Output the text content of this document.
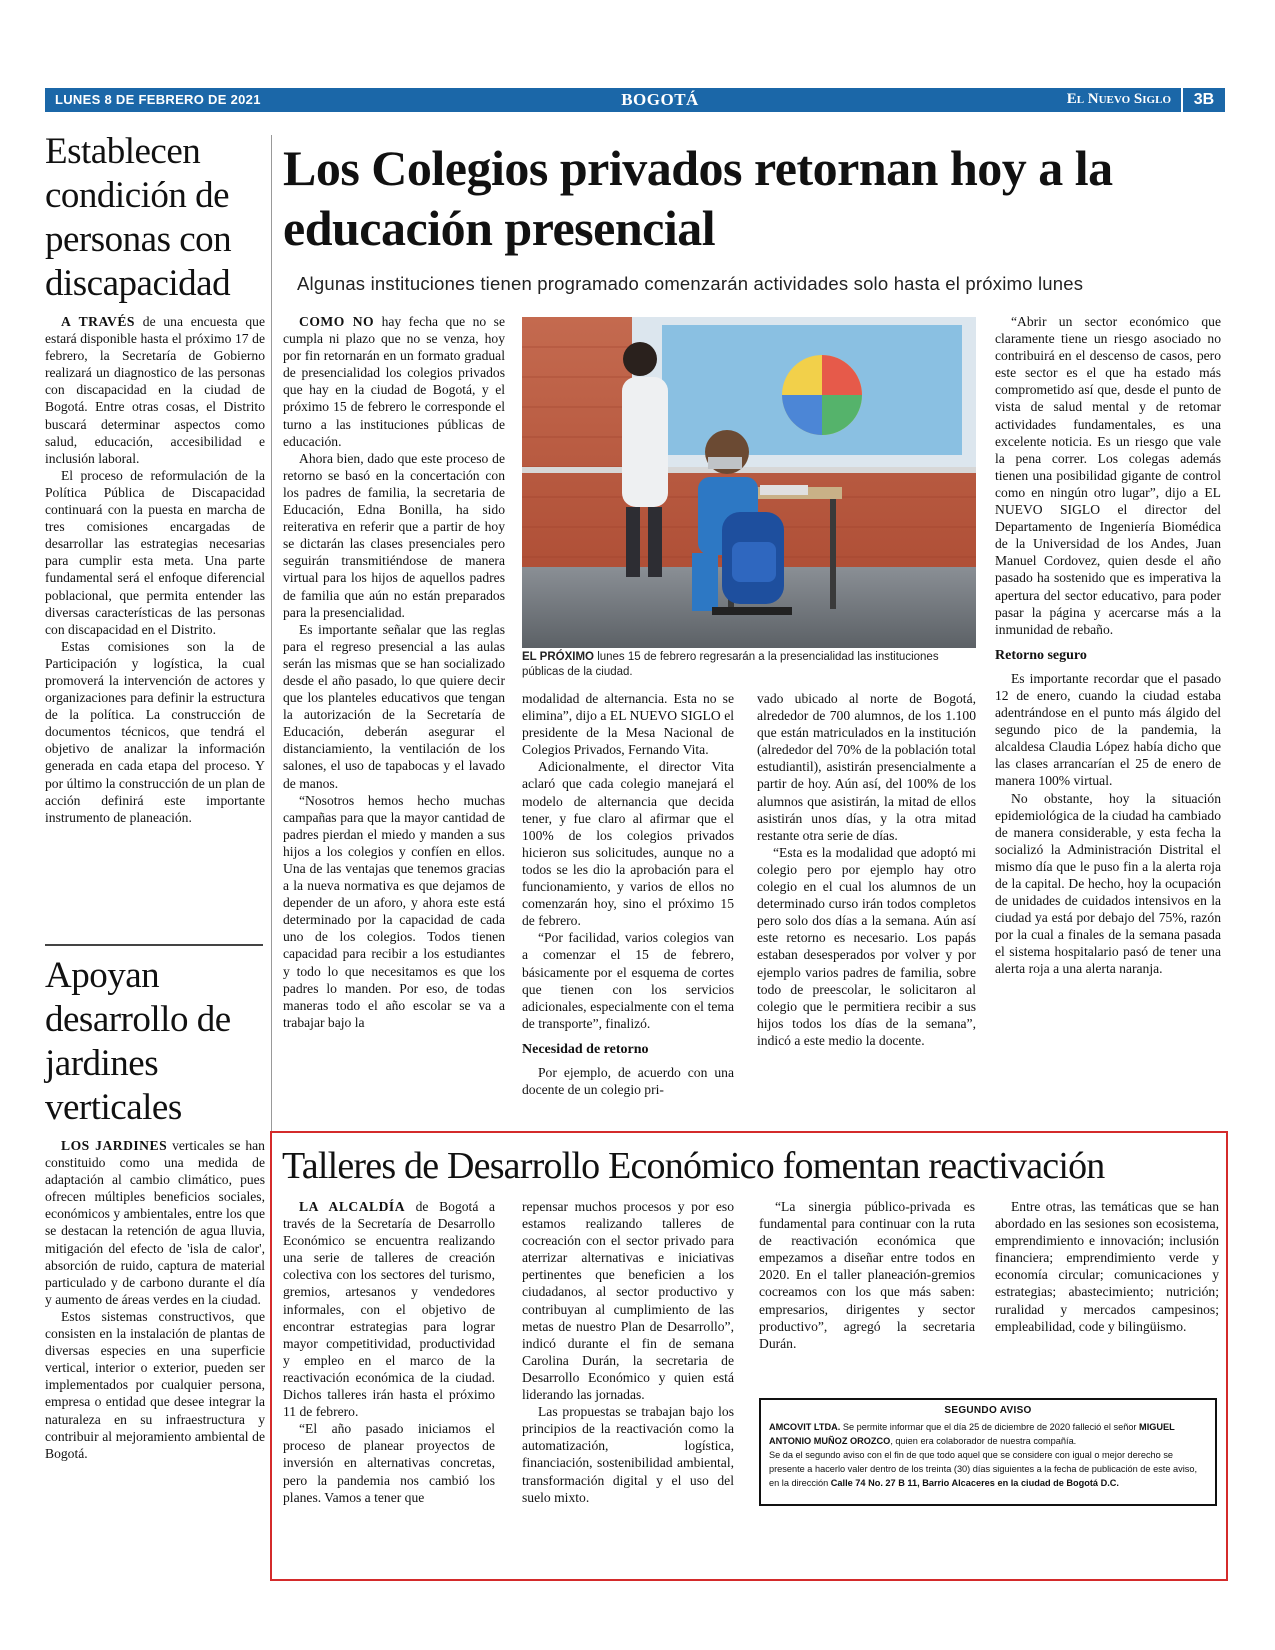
LUNES 8 DE FEBRERO DE 2021	BOGOTÁ	El Nuevo Siglo	3B
Establecen condición de personas con discapacidad

A TRAVÉS de una encuesta que estará disponible hasta el próximo 17 de febrero, la Secretaría de Gobierno realizará un diagnostico de las personas con discapacidad en la ciudad de Bogotá. Entre otras cosas, el Distrito buscará determinar aspectos como salud, educación, accesibilidad e inclusión laboral.

El proceso de reformulación de la Política Pública de Discapacidad continuará con la puesta en marcha de tres comisiones encargadas de desarrollar las estrategias necesarias para cumplir esta meta. Una parte fundamental será el enfoque diferencial poblacional, que permita entender las diversas características de las personas con discapacidad en el Distrito.

Estas comisiones son la de Participación y logística, la cual promoverá la intervención de actores y organizaciones para definir la estructura de la política. La construcción de documentos técnicos, que tendrá el objetivo de analizar la información generada en cada etapa del proceso. Y por último la construcción de un plan de acción definirá este importante instrumento de planeación.

Apoyan desarrollo de jardines verticales

LOS JARDINES verticales se han constituido como una medida de adaptación al cambio climático, pues ofrecen múltiples beneficios sociales, económicos y ambientales, entre los que se destacan la retención de agua lluvia, mitigación del efecto de 'isla de calor', absorción de ruido, captura de material particulado y de carbono durante el día y aumento de áreas verdes en la ciudad.

Estos sistemas constructivos, que consisten en la instalación de plantas de diversas especies en una superficie vertical, interior o exterior, pueden ser implementados por cualquier persona, empresa o entidad que desee integrar la naturaleza en su infraestructura y contribuir al mejoramiento ambiental de Bogotá.

Los Colegios privados retornan hoy a la educación presencial
Algunas instituciones tienen programado comenzarán actividades solo hasta el próximo lunes

COMO NO hay fecha que no se cumpla ni plazo que no se venza, hoy por fin retornarán en un formato gradual de presencialidad los colegios privados que hay en la ciudad de Bogotá, y el próximo 15 de febrero le corresponde el turno a las instituciones públicas de educación.

Ahora bien, dado que este proceso de retorno se basó en la concertación con los padres de familia, la secretaria de Educación, Edna Bonilla, ha sido reiterativa en referir que a partir de hoy se dictarán las clases presenciales pero seguirán transmitiéndose de manera virtual para los hijos de aquellos padres de familia que aún no están preparados para la presencialidad.

Es importante señalar que las reglas para el regreso presencial a las aulas serán las mismas que se han socializado desde el año pasado, lo que quiere decir que los planteles educativos que tengan la autorización de la Secretaría de Educación, deberán asegurar el distanciamiento, la ventilación de los salones, el uso de tapabocas y el lavado de manos.

“Nosotros hemos hecho muchas campañas para que la mayor cantidad de padres pierdan el miedo y manden a sus hijos a los colegios y confíen en ellos. Una de las ventajas que tenemos gracias a la nueva normativa es que dejamos de depender de un aforo, y ahora este está determinado por la capacidad de cada uno de los colegios. Todos tienen capacidad para recibir a los estudiantes y todo lo que necesitamos es que los padres lo manden. Por eso, de todas maneras todo el año escolar se va a trabajar bajo la

EL PRÓXIMO lunes 15 de febrero regresarán a la presencialidad las instituciones públicas de la ciudad.

modalidad de alternancia. Esta no se elimina”, dijo a EL NUEVO SIGLO el presidente de la Mesa Nacional de Colegios Privados, Fernando Vita.

Adicionalmente, el director Vita aclaró que cada colegio manejará el modelo de alternancia que decida tener, y fue claro al afirmar que el 100% de los colegios privados hicieron sus solicitudes, aunque no a todos se les dio la aprobación para el funcionamiento, y varios de ellos no comenzarán hoy, sino el próximo 15 de febrero.

“Por facilidad, varios colegios van a comenzar el 15 de febrero, básicamente por el esquema de cortes que tienen con los servicios adicionales, especialmente con el tema de transporte”, finalizó.

Necesidad de retorno

Por ejemplo, de acuerdo con una docente de un colegio pri-

vado ubicado al norte de Bogotá, alrededor de 700 alumnos, de los 1.100 que están matriculados en la institución (alrededor del 70% de la población total estudiantil), asistirán presencialmente a partir de hoy. Aún así, del 100% de los alumnos que asistirán, la mitad de ellos asistirán unos días, y la otra mitad restante otra serie de días.

“Esta es la modalidad que adoptó mi colegio pero por ejemplo hay otro colegio en el cual los alumnos de un determinado curso irán todos completos pero solo dos días a la semana. Aún así este retorno es necesario. Los papás estaban desesperados por volver y por ejemplo varios padres de familia, sobre todo de preescolar, le solicitaron al colegio que le permitiera recibir a sus hijos todos los días de la semana”, indicó a este medio la docente.

“Abrir un sector económico que claramente tiene un riesgo asociado no contribuirá en el descenso de casos, pero este sector es el que ha estado más comprometido así que, desde el punto de vista de salud mental y de retomar actividades fundamentales, es una excelente noticia. Es un riesgo que vale la pena correr. Los colegas además tienen una posibilidad gigante de control como en ningún otro lugar”, dijo a EL NUEVO SIGLO el director del Departamento de Ingeniería Biomédica de la Universidad de los Andes, Juan Manuel Cordovez, quien desde el año pasado ha sostenido que es imperativa la apertura del sector educativo, para poder pasar la página y acercarse más a la inmunidad de rebaño.

Retorno seguro

Es importante recordar que el pasado 12 de enero, cuando la ciudad estaba adentrándose en el punto más álgido del segundo pico de la pandemia, la alcaldesa Claudia López había dicho que las clases arrancarían el 25 de enero de manera 100% virtual.

No obstante, hoy la situación epidemiológica de la ciudad ha cambiado de manera considerable, y esta fecha la socializó la Administración Distrital el mismo día que le puso fin a la alerta roja de la capital. De hecho, hoy la ocupación de unidades de cuidados intensivos en la ciudad ya está por debajo del 75%, razón por la cual a finales de la semana pasada el sistema hospitalario pasó de tener una alerta roja a una alerta naranja.

Talleres de Desarrollo Económico fomentan reactivación

LA ALCALDÍA de Bogotá a través de la Secretaría de Desarrollo Económico se encuentra realizando una serie de talleres de creación colectiva con los sectores del turismo, gremios, artesanos y vendedores informales, con el objetivo de encontrar estrategias para lograr mayor competitividad, productividad y empleo en el marco de la reactivación económica de la ciudad. Dichos talleres irán hasta el próximo 11 de febrero.

“El año pasado iniciamos el proceso de planear proyectos de inversión en alternativas concretas, pero la pandemia nos cambió los planes. Vamos a tener que

repensar muchos procesos y por eso estamos realizando talleres de cocreación con el sector privado para aterrizar alternativas e iniciativas pertinentes que beneficien a los ciudadanos, al sector productivo y contribuyan al cumplimiento de las metas de nuestro Plan de Desarrollo”, indicó durante el fin de semana Carolina Durán, la secretaria de Desarrollo Económico y quien está liderando las jornadas.

Las propuestas se trabajan bajo los principios de la reactivación como la automatización, logística, financiación, sostenibilidad ambiental, transformación digital y el uso del suelo mixto.

“La sinergia público-privada es fundamental para continuar con la ruta de reactivación económica que empezamos a diseñar entre todos en 2020. En el taller planeación-gremios cocreamos con los que más saben: empresarios, dirigentes y sector productivo”, agregó la secretaria Durán.

Entre otras, las temáticas que se han abordado en las sesiones son ecosistema, emprendimiento e innovación; inclusión financiera; emprendimiento verde y economía circular; comunicaciones y estrategias; abastecimiento; nutrición; ruralidad y mercados campesinos; empleabilidad, code y bilingüismo.

SEGUNDO AVISO
AMCOVIT LTDA. Se permite informar que el día 25 de diciembre de 2020 falleció el señor MIGUEL ANTONIO MUÑOZ OROZCO, quien era colaborador de nuestra compañía.
Se da el segundo aviso con el fin de que todo aquel que se considere con igual o mejor derecho se presente a hacerlo valer dentro de los treinta (30) días siguientes a la fecha de publicación de este aviso, en la dirección Calle 74 No. 27 B 11, Barrio Alcaceres en la ciudad de Bogotá D.C.
